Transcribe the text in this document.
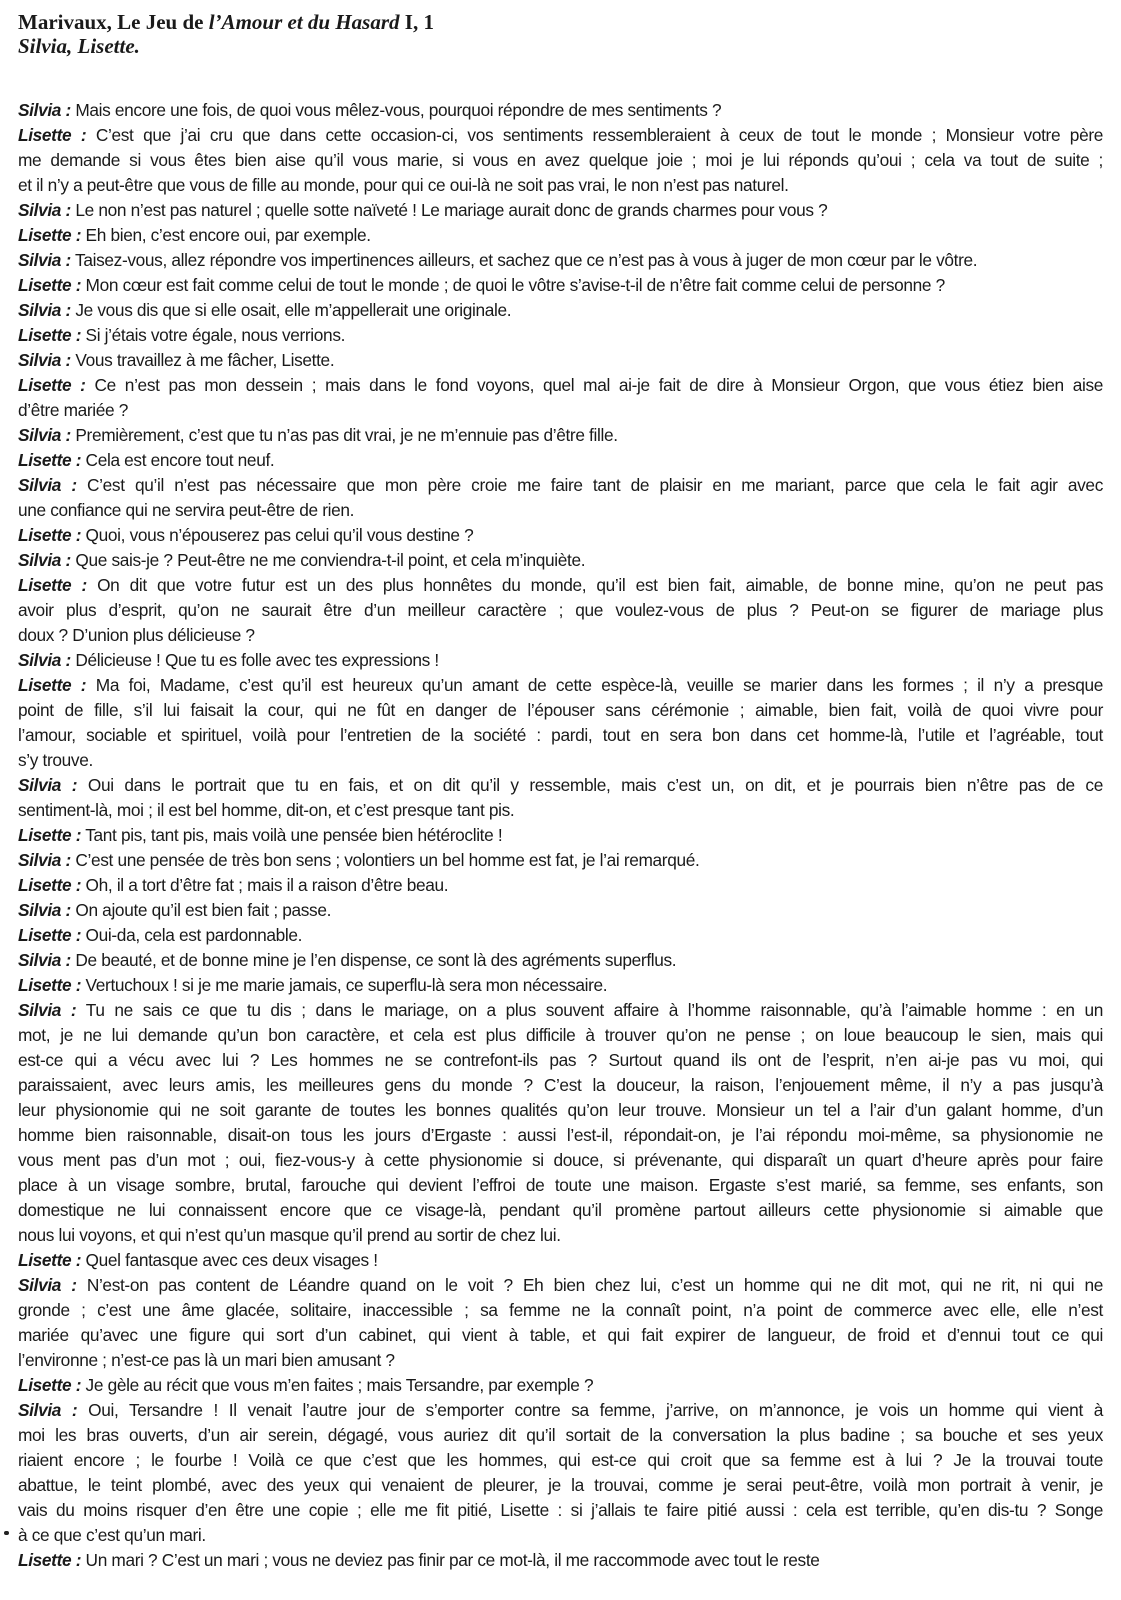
Marivaux, Le Jeu de l’Amour et du Hasard I, 1

Silvia, Lisette.

Silvia : Mais encore une fois, de quoi vous mêlez-vous, pourquoi répondre de mes sentiments ?
Lisette : C’est que j’ai cru que dans cette occasion-ci, vos sentiments ressembleraient à ceux de tout le monde ; Monsieur votre père
me demande si vous êtes bien aise qu’il vous marie, si vous en avez quelque joie ; moi je lui réponds qu’oui ; cela va tout de suite ;
et il n’y a peut-être que vous de fille au monde, pour qui ce oui-là ne soit pas vrai, le non n’est pas naturel.
Silvia : Le non n’est pas naturel ; quelle sotte naïveté ! Le mariage aurait donc de grands charmes pour vous ?
Lisette : Eh bien, c’est encore oui, par exemple.
Silvia : Taisez-vous, allez répondre vos impertinences ailleurs, et sachez que ce n’est pas à vous à juger de mon cœur par le vôtre.
Lisette : Mon cœur est fait comme celui de tout le monde ; de quoi le vôtre s’avise-t-il de n’être fait comme celui de personne ?
Silvia : Je vous dis que si elle osait, elle m’appellerait une originale.
Lisette : Si j’étais votre égale, nous verrions.
Silvia : Vous travaillez à me fâcher, Lisette.
Lisette : Ce n’est pas mon dessein ; mais dans le fond voyons, quel mal ai-je fait de dire à Monsieur Orgon, que vous étiez bien aise
d’être mariée ?
Silvia : Premièrement, c’est que tu n’as pas dit vrai, je ne m’ennuie pas d’être fille.
Lisette : Cela est encore tout neuf.
Silvia : C’est qu’il n’est pas nécessaire que mon père croie me faire tant de plaisir en me mariant, parce que cela le fait agir avec
une confiance qui ne servira peut-être de rien.
Lisette : Quoi, vous n’épouserez pas celui qu’il vous destine ?
Silvia : Que sais-je ? Peut-être ne me conviendra-t-il point, et cela m’inquiète.
Lisette : On dit que votre futur est un des plus honnêtes du monde, qu’il est bien fait, aimable, de bonne mine, qu’on ne peut pas
avoir plus d’esprit, qu’on ne saurait être d’un meilleur caractère ; que voulez-vous de plus ? Peut-on se figurer de mariage plus
doux ? D’union plus délicieuse ?
Silvia : Délicieuse ! Que tu es folle avec tes expressions !
Lisette : Ma foi, Madame, c’est qu’il est heureux qu’un amant de cette espèce-là, veuille se marier dans les formes ; il n’y a presque
point de fille, s’il lui faisait la cour, qui ne fût en danger de l’épouser sans cérémonie ; aimable, bien fait, voilà de quoi vivre pour
l’amour, sociable et spirituel, voilà pour l’entretien de la société : pardi, tout en sera bon dans cet homme-là, l’utile et l’agréable, tout
s’y trouve.
Silvia : Oui dans le portrait que tu en fais, et on dit qu’il y ressemble, mais c’est un, on dit, et je pourrais bien n’être pas de ce
sentiment-là, moi ; il est bel homme, dit-on, et c’est presque tant pis.
Lisette : Tant pis, tant pis, mais voilà une pensée bien hétéroclite !
Silvia : C’est une pensée de très bon sens ; volontiers un bel homme est fat, je l’ai remarqué.
Lisette : Oh, il a tort d’être fat ; mais il a raison d’être beau.
Silvia : On ajoute qu’il est bien fait ; passe.
Lisette : Oui-da, cela est pardonnable.
Silvia : De beauté, et de bonne mine je l’en dispense, ce sont là des agréments superflus.
Lisette : Vertuchoux ! si je me marie jamais, ce superflu-là sera mon nécessaire.
Silvia : Tu ne sais ce que tu dis ; dans le mariage, on a plus souvent affaire à l’homme raisonnable, qu’à l’aimable homme : en un
mot, je ne lui demande qu’un bon caractère, et cela est plus difficile à trouver qu’on ne pense ; on loue beaucoup le sien, mais qui
est-ce qui a vécu avec lui ? Les hommes ne se contrefont-ils pas ? Surtout quand ils ont de l’esprit, n’en ai-je pas vu moi, qui
paraissaient, avec leurs amis, les meilleures gens du monde ? C’est la douceur, la raison, l’enjouement même, il n’y a pas jusqu’à
leur physionomie qui ne soit garante de toutes les bonnes qualités qu’on leur trouve. Monsieur un tel a l’air d’un galant homme, d’un
homme bien raisonnable, disait-on tous les jours d’Ergaste : aussi l’est-il, répondait-on, je l’ai répondu moi-même, sa physionomie ne
vous ment pas d’un mot ; oui, fiez-vous-y à cette physionomie si douce, si prévenante, qui disparaît un quart d’heure après pour faire
place à un visage sombre, brutal, farouche qui devient l’effroi de toute une maison. Ergaste s’est marié, sa femme, ses enfants, son
domestique ne lui connaissent encore que ce visage-là, pendant qu’il promène partout ailleurs cette physionomie si aimable que
nous lui voyons, et qui n’est qu’un masque qu’il prend au sortir de chez lui.
Lisette : Quel fantasque avec ces deux visages !
Silvia : N’est-on pas content de Léandre quand on le voit ? Eh bien chez lui, c’est un homme qui ne dit mot, qui ne rit, ni qui ne
gronde ; c’est une âme glacée, solitaire, inaccessible ; sa femme ne la connaît point, n’a point de commerce avec elle, elle n’est
mariée qu’avec une figure qui sort d’un cabinet, qui vient à table, et qui fait expirer de langueur, de froid et d’ennui tout ce qui
l’environne ; n’est-ce pas là un mari bien amusant ?
Lisette : Je gèle au récit que vous m’en faites ; mais Tersandre, par exemple ?
Silvia : Oui, Tersandre ! Il venait l’autre jour de s’emporter contre sa femme, j’arrive, on m’annonce, je vois un homme qui vient à
moi les bras ouverts, d’un air serein, dégagé, vous auriez dit qu’il sortait de la conversation la plus badine ; sa bouche et ses yeux
riaient encore ; le fourbe ! Voilà ce que c’est que les hommes, qui est-ce qui croit que sa femme est à lui ? Je la trouvai toute
abattue, le teint plombé, avec des yeux qui venaient de pleurer, je la trouvai, comme je serai peut-être, voilà mon portrait à venir, je
vais du moins risquer d’en être une copie ; elle me fit pitié, Lisette : si j’allais te faire pitié aussi : cela est terrible, qu’en dis-tu ? Songe
à ce que c’est qu’un mari.
Lisette : Un mari ? C’est un mari ; vous ne deviez pas finir par ce mot-là, il me raccommode avec tout le reste
